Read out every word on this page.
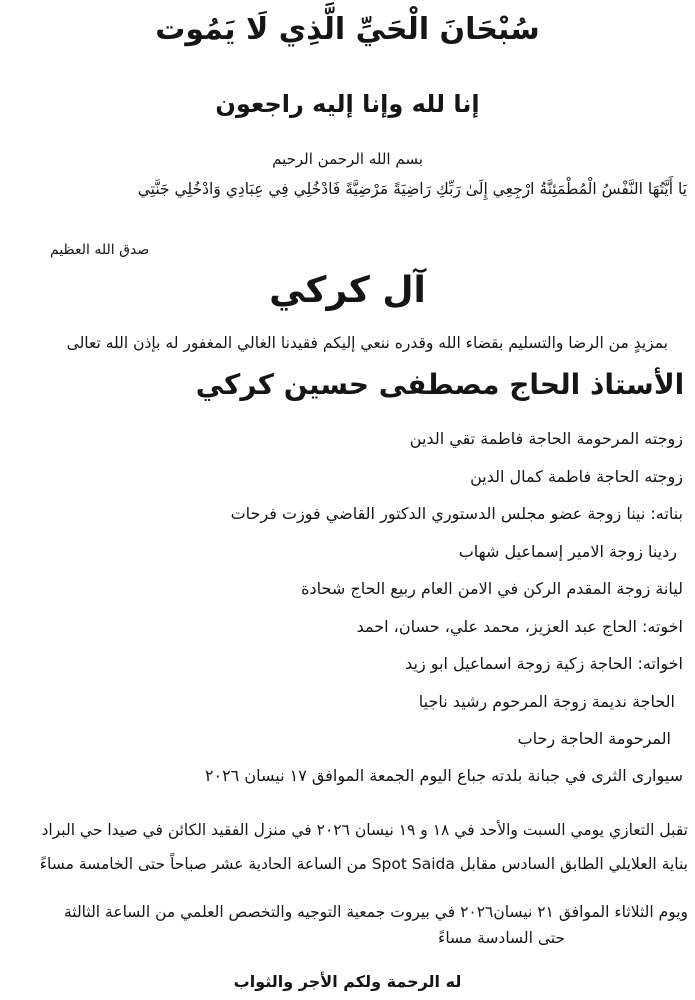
سُبْحَانَ الْحَيِّ الَّذِي لَا يَمُوت

إنا لله وإنا إليه راجعون

بسم الله الرحمن الرحيم

يَا أَيَّتُهَا النَّفْسُ الْمُطْمَئِنَّةُ ارْجِعِي إِلَىٰ رَبِّكِ رَاضِيَةً مَرْضِيَّةً فَادْخُلِي فِي عِبَادِي وَادْخُلِي جَنَّتِي

صدق الله العظيم

آل كركي

بمزيدٍ من الرضا والتسليم بقضاء الله وقدره ننعي إليكم فقيدنا الغالي المغفور له بإذن الله تعالى

الأستاذ الحاج مصطفى حسين كركي

زوجته المرحومة الحاجة فاطمة تقي الدين

زوجته الحاجة فاطمة كمال الدين

بناته: نينا زوجة عضو مجلس الدستوري الدكتور القاضي فوزت فرحات

ردينا زوجة الامير إسماعيل شهاب

ليانة زوجة المقدم الركن في الامن العام ربيع الحاج شحادة

اخوته: الحاج عبد العزيز، محمد علي، حسان، احمد

اخواته: الحاجة زكية زوجة اسماعيل ابو زيد

الحاجة نديمة زوجة المرحوم رشيد ناجيا

المرحومة الحاجة رحاب

سيوارى الثرى في جبانة بلدته جباع اليوم الجمعة الموافق ١٧ نيسان ٢٠٢٦

تقبل التعازي يومي السبت والأحد في ١٨ و ١٩ نيسان ٢٠٢٦ في منزل الفقيد الكائن في صيدا حي البراد

بناية العلايلي الطابق السادس مقابل Spot Saida من الساعة الحادية عشر صباحاً حتى الخامسة مساءً

ويوم الثلاثاء الموافق ٢١ نيسان٢٠٢٦ في بيروت جمعية التوجيه والتخصص العلمي من الساعة الثالثة

حتى السادسة مساءً

له الرحمة ولكم الأجر والثواب
